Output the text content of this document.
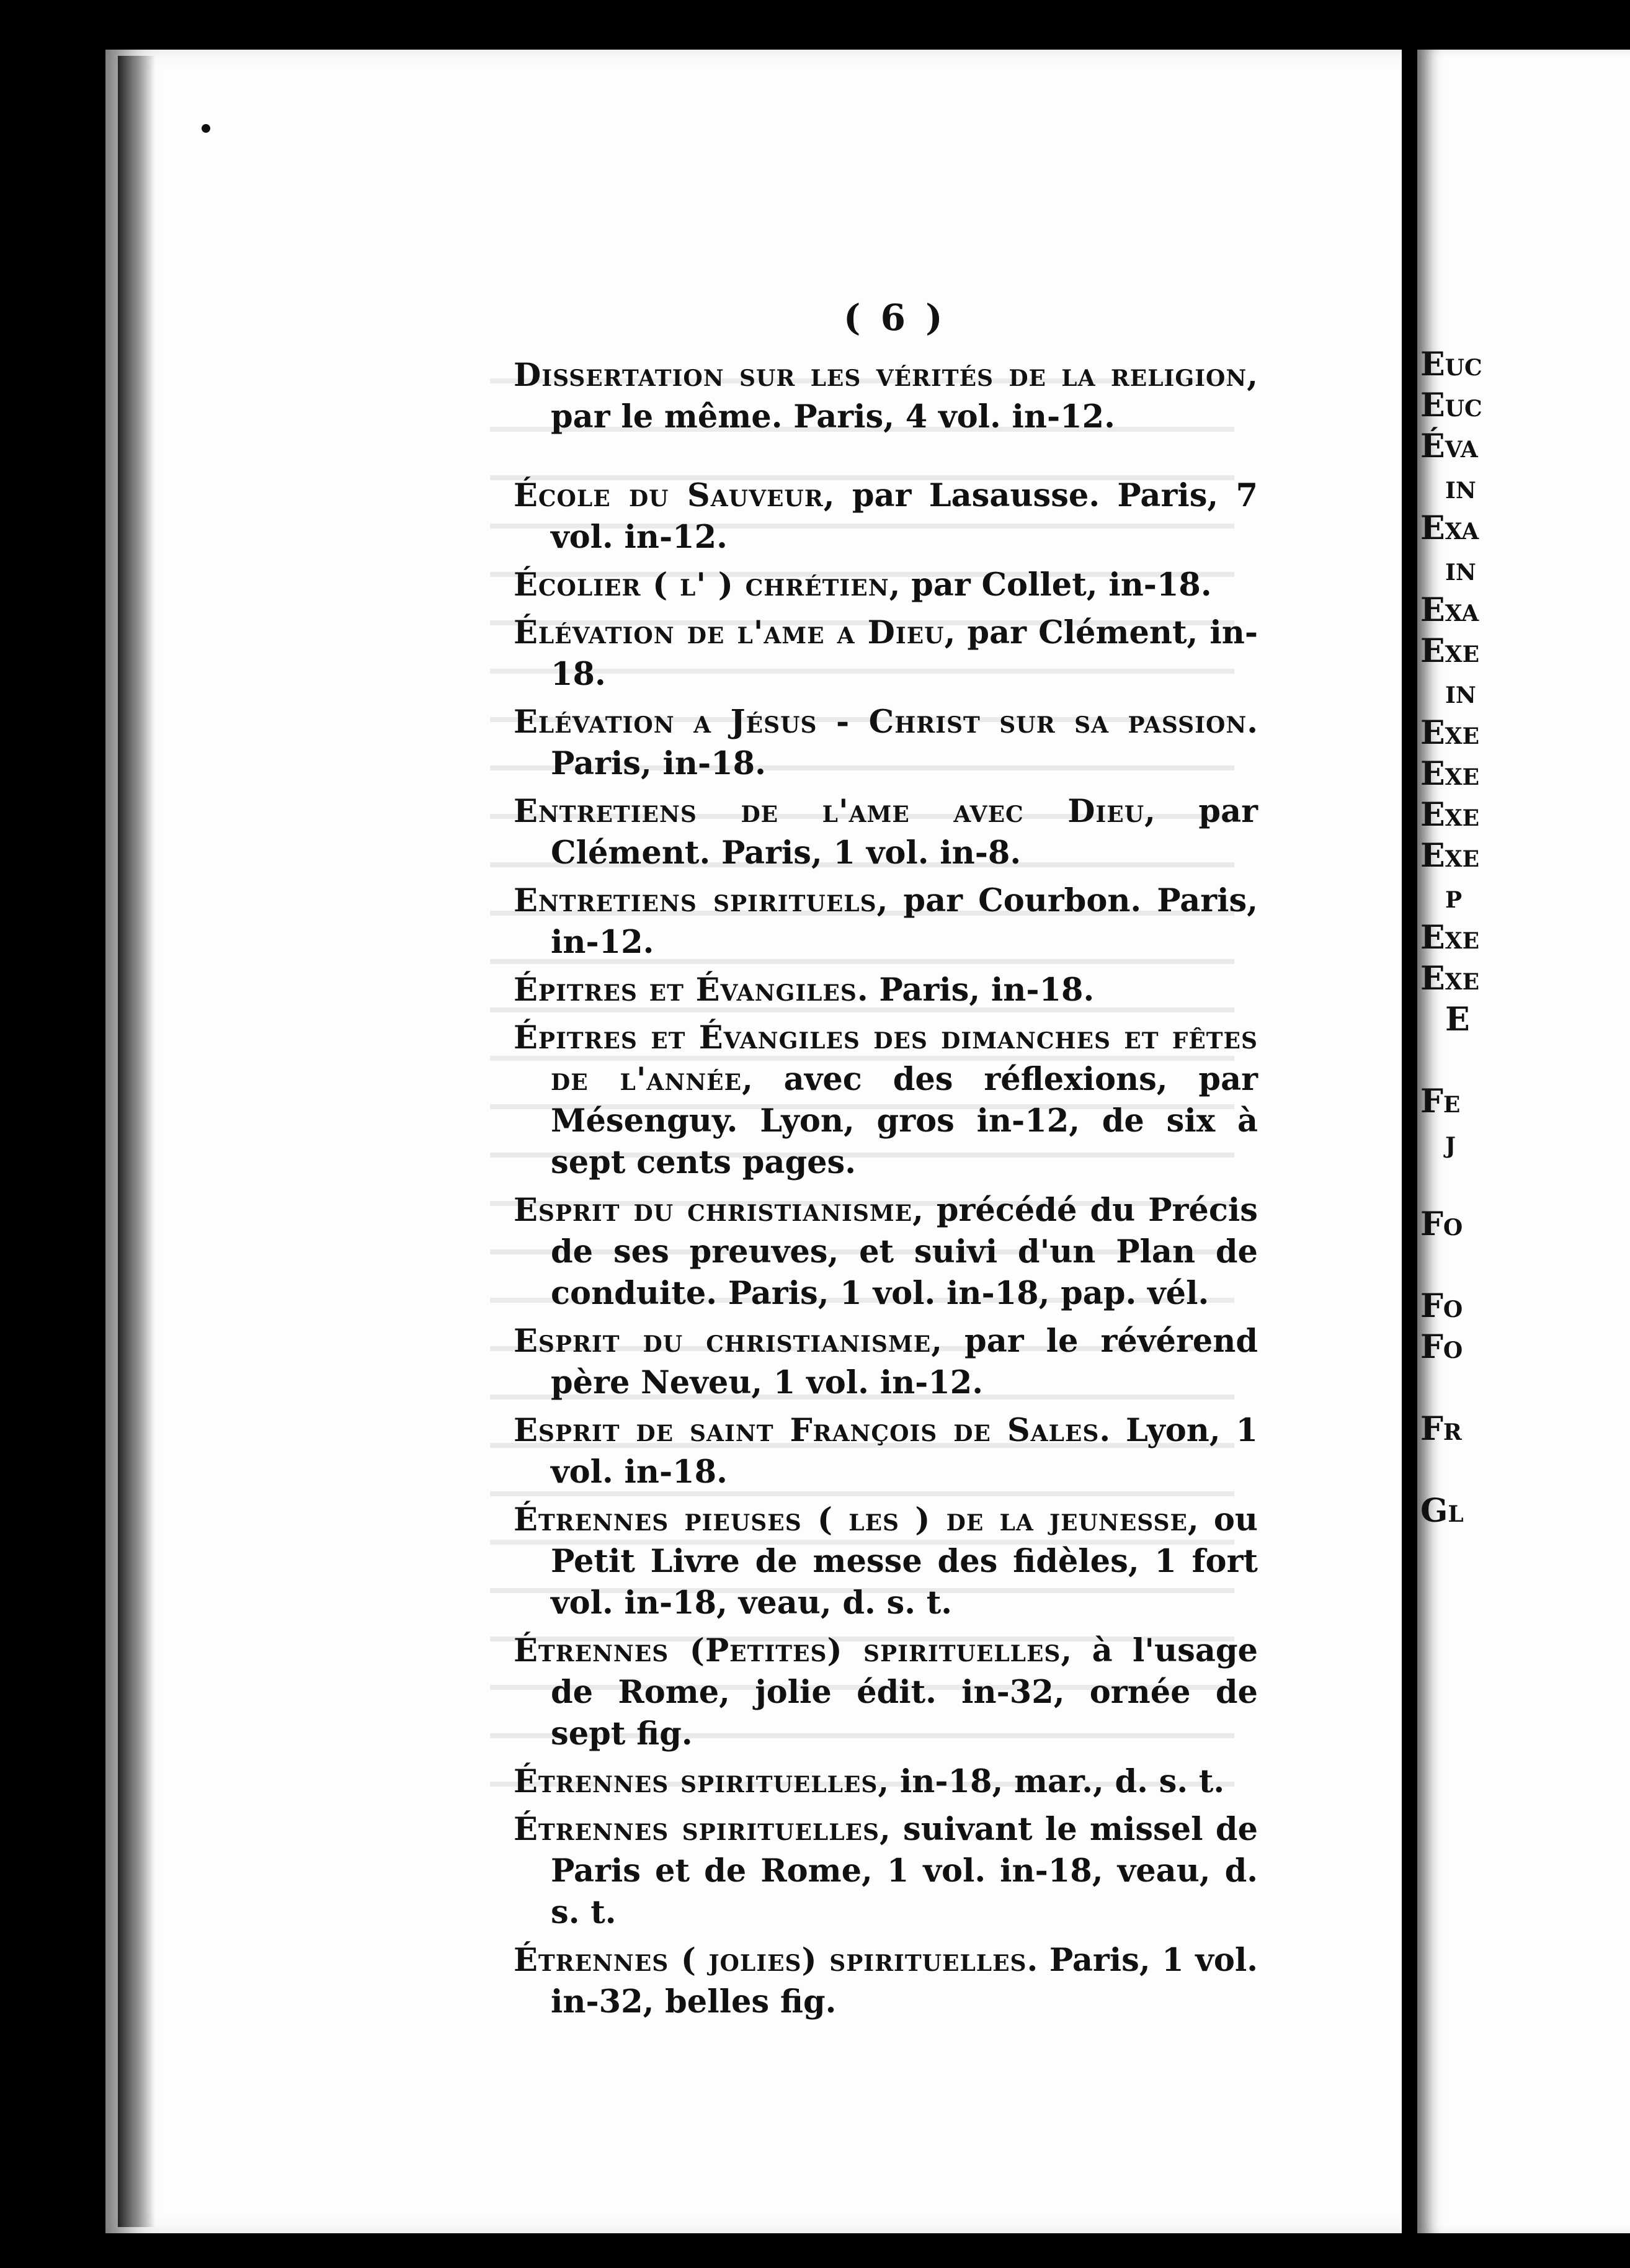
( 6 )

Dissertation sur les vérités de la religion, par le même. Paris, 4 vol. in-12.

École du Sauveur, par Lasausse. Paris, 7 vol. in-12.

Écolier ( l' ) chrétien, par Collet, in-18.

Élévation de l'ame a Dieu, par Clément, in-18.

Elévation a Jésus - Christ sur sa passion. Paris, in-18.

Entretiens de l'ame avec Dieu, par Clément. Paris, 1 vol. in-8.

Entretiens spirituels, par Courbon. Paris, in-12.

Épitres et Évangiles. Paris, in-18.

Épitres et Évangiles des dimanches et fêtes de l'année, avec des réflexions, par Mésenguy. Lyon, gros in-12, de six à sept cents pages.

Esprit du christianisme, précédé du Précis de ses preuves, et suivi d'un Plan de conduite. Paris, 1 vol. in-18, pap. vél.

Esprit du christianisme, par le révérend père Neveu, 1 vol. in-12.

Esprit de saint François de Sales. Lyon, 1 vol. in-18.

Étrennes pieuses ( les ) de la jeunesse, ou Petit Livre de messe des fidèles, 1 fort vol. in-18, veau, d. s. t.

Étrennes (Petites) spirituelles, à l'usage de Rome, jolie édit. in-32, ornée de sept fig.

Étrennes spirituelles, in-18, mar., d. s. t.

Étrennes spirituelles, suivant le missel de Paris et de Rome, 1 vol. in-18, veau, d. s. t.

Étrennes ( jolies) spirituelles. Paris, 1 vol. in-32, belles fig.

Euc
Euc
Éva
in
Exa
in
Exa
Exe
in
Exe
Exe
Exe
Exe
p
Exe
Exe
E
Fe
j
Fo
Fo
Fo
Fr
Gl
